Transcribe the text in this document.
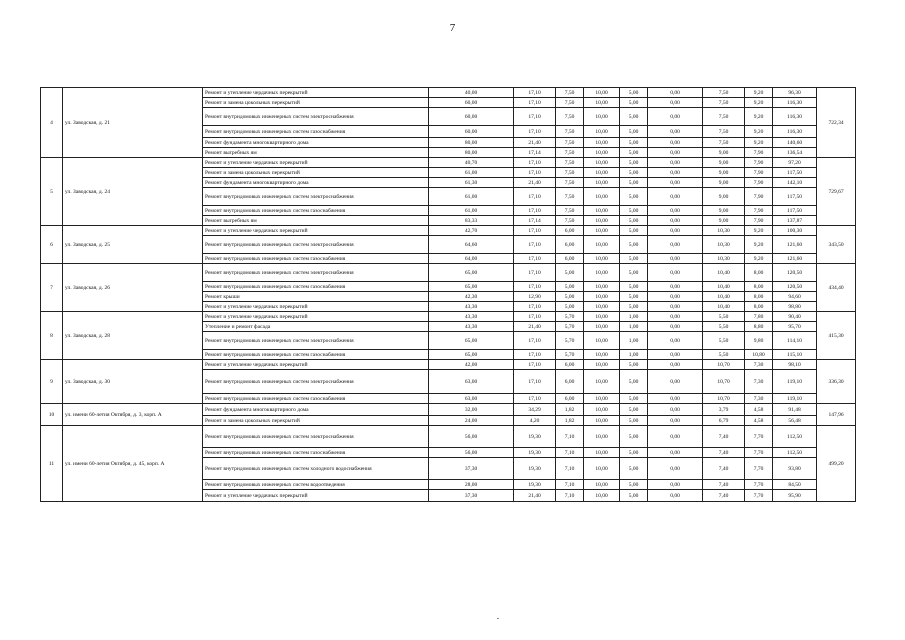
7
4	ул. Заводская, д. 21	Ремонт и утепление чердачных перекрытий	40,00	17,10	7,50	10,00	5,00	0,00	7,50	9,20	96,30	722,34
		Ремонт и замена цокольных перекрытий	60,00	17,10	7,50	10,00	5,00	0,00	7,50	9,20	116,30	
		Ремонт внутридомовых инженерных систем электроснабжения	60,00	17,10	7,50	10,00	5,00	0,00	7,50	9,20	116,30	
		Ремонт внутридомовых инженерных систем газоснабжения	60,00	17,10	7,50	10,00	5,00	0,00	7,50	9,20	116,30	
		Ремонт фундамента многоквартирного дома	80,00	21,40	7,50	10,00	5,00	0,00	7,50	9,20	140,60	
		Ремонт выгребных ям	80,00	17,14	7,50	10,00	5,00	0,00	9,00	7,90	136,54	
5	ул. Заводская, д. 24	Ремонт и утепление чердачных перекрытий	40,70	17,10	7,50	10,00	5,00	0,00	9,00	7,90	97,20	729,67
		Ремонт и замена цокольных перекрытий	61,00	17,10	7,50	10,00	5,00	0,00	9,00	7,90	117,50	
		Ремонт фундамента многоквартирного дома	61,30	21,40	7,50	10,00	5,00	0,00	9,00	7,90	142,10	
		Ремонт внутридомовых инженерных систем электроснабжения	61,00	17,10	7,50	10,00	5,00	0,00	9,00	7,90	117,50	
		Ремонт внутридомовых инженерных систем газоснабжения	61,00	17,10	7,50	10,00	5,00	0,00	9,00	7,90	117,50	
		Ремонт выгребных ям	83,33	17,14	7,50	10,00	5,00	0,00	9,00	7,90	137,87	
6	ул. Заводская, д. 25	Ремонт и утепление чердачных перекрытий	42,70	17,10	6,00	10,00	5,00	0,00	10,30	9,20	100,30	343,50
		Ремонт внутридомовых инженерных систем электроснабжения	64,60	17,10	6,00	10,00	5,00	0,00	10,30	9,20	121,60	
		Ремонт внутридомовых инженерных систем газоснабжения	64,00	17,10	6,00	10,00	5,00	0,00	10,30	9,20	121,60	
7	ул. Заводская, д. 26	Ремонт внутридомовых инженерных систем электроснабжения	65,00	17,10	5,00	10,00	5,00	0,00	10,40	8,00	120,50	434,40
		Ремонт внутридомовых инженерных систем газоснабжения	65,00	17,10	5,00	10,00	5,00	0,00	10,40	8,00	120,50	
		Ремонт крыши	42,30	12,90	5,00	10,00	5,00	0,00	10,40	8,00	94,60	
		Ремонт и утепление чердачных перекрытий	43,30	17,10	5,00	10,00	5,00	0,00	10,40	8,00	98,80	
8	ул. Заводская, д. 28	Ремонт и утепление чердачных перекрытий	43,30	17,10	5,70	10,00	1,00	0,00	5,50	7,80	90,40	415,30
		Утепление и ремонт фасада	43,30	21,40	5,70	10,00	1,00	0,00	5,50	8,80	95,70	
		Ремонт внутридомовых инженерных систем электроснабжения	65,00	17,10	5,70	10,00	1,00	0,00	5,50	9,80	114,10	
		Ремонт внутридомовых инженерных систем газоснабжения	65,00	17,10	5,70	10,00	1,00	0,00	5,50	10,80	115,10	
9	ул. Заводская, д. 30	Ремонт и утепление чердачных перекрытий	42,00	17,10	6,00	10,00	5,00	0,00	10,70	7,30	98,10	336,30
		Ремонт внутридомовых инженерных систем электроснабжения	63,00	17,10	6,00	10,00	5,00	0,00	10,70	7,30	119,10	
		Ремонт внутридомовых инженерных систем газоснабжения	63,00	17,10	6,00	10,00	5,00	0,00	10,70	7,30	119,10	
10	ул. имени 60-летия Октября, д. 3, корп. А	Ремонт фундамента многоквартирного дома	32,00	34,29	1,82	10,00	5,00	0,00	3,79	4,58	91,48	147,96
		Ремонт и замена цокольных перекрытий	24,00	4,20	1,82	10,00	5,00	0,00	6,79	4,58	56,48	
11	ул. имени 60-летия Октября, д. 45, корп. А	Ремонт внутридомовых инженерных систем электроснабжения	56,00	19,30	7,10	10,00	5,00	0,00	7,40	7,70	112,50	499,20
		Ремонт внутридомовых инженерных систем газоснабжения	56,00	19,30	7,10	10,00	5,00	0,00	7,40	7,70	112,50	
		Ремонт внутридомовых инженерных систем холодного водоснабжения	37,30	19,30	7,10	10,00	5,00	0,00	7,40	7,70	93,80	
		Ремонт внутридомовых инженерных систем водоотведения	28,00	19,30	7,10	10,00	5,00	0,00	7,40	7,70	84,50	
		Ремонт и утепление чердачных перекрытий	37,30	21,40	7,10	10,00	5,00	0,00	7,40	7,70	95,90	
